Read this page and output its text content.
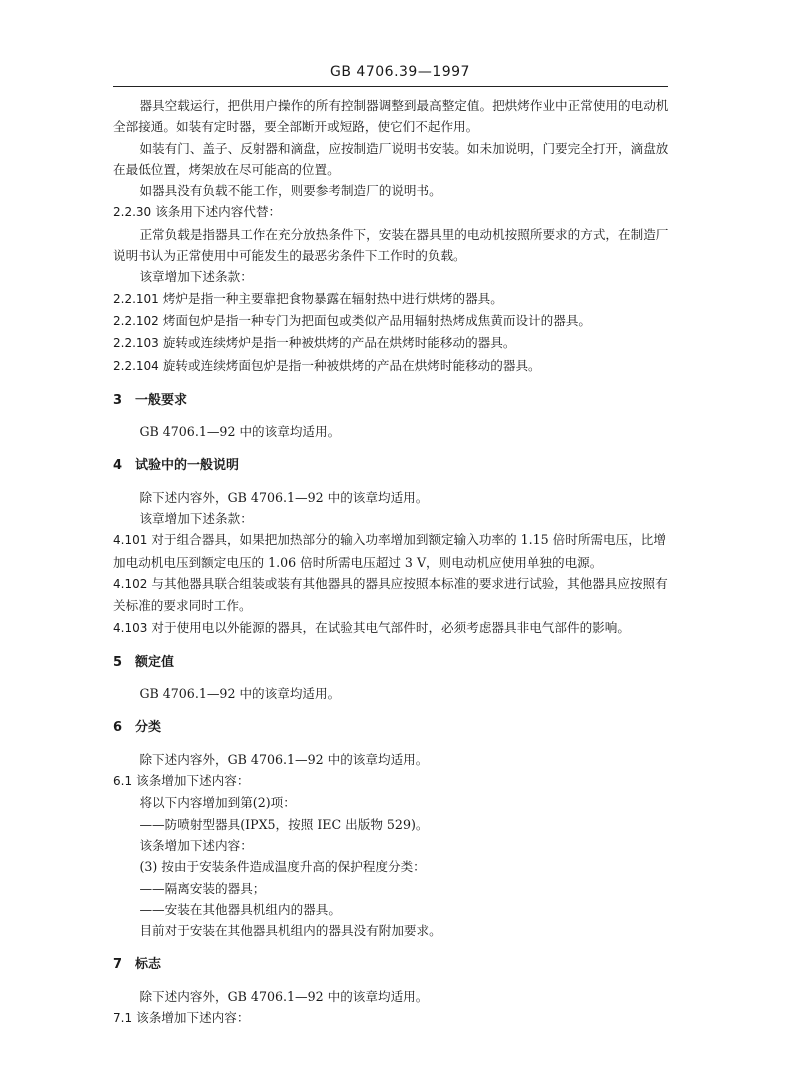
GB 4706.39—1997
器具空载运行，把供用户操作的所有控制器调整到最高整定值。把烘烤作业中正常使用的电动机全部接通。如装有定时器，要全部断开或短路，使它们不起作用。
如装有门、盖子、反射器和滴盘，应按制造厂说明书安装。如未加说明，门要完全打开，滴盘放在最低位置，烤架放在尽可能高的位置。
如器具没有负载不能工作，则要参考制造厂的说明书。
2.2.30 该条用下述内容代替：
正常负载是指器具工作在充分放热条件下，安装在器具里的电动机按照所要求的方式，在制造厂说明书认为正常使用中可能发生的最恶劣条件下工作时的负载。
该章增加下述条款：
2.2.101 烤炉是指一种主要靠把食物暴露在辐射热中进行烘烤的器具。
2.2.102 烤面包炉是指一种专门为把面包或类似产品用辐射热烤成焦黄而设计的器具。
2.2.103 旋转或连续烤炉是指一种被烘烤的产品在烘烤时能移动的器具。
2.2.104 旋转或连续烤面包炉是指一种被烘烤的产品在烘烤时能移动的器具。
3 一般要求
GB 4706.1—92 中的该章均适用。
4 试验中的一般说明
除下述内容外，GB 4706.1—92 中的该章均适用。
该章增加下述条款：
4.101 对于组合器具，如果把加热部分的输入功率增加到额定输入功率的 1.15 倍时所需电压，比增加电动机电压到额定电压的 1.06 倍时所需电压超过 3 V，则电动机应使用单独的电源。
4.102 与其他器具联合组装或装有其他器具的器具应按照本标准的要求进行试验，其他器具应按照有关标准的要求同时工作。
4.103 对于使用电以外能源的器具，在试验其电气部件时，必须考虑器具非电气部件的影响。
5 额定值
GB 4706.1—92 中的该章均适用。
6 分类
除下述内容外，GB 4706.1—92 中的该章均适用。
6.1 该条增加下述内容：
将以下内容增加到第(2)项：
——防喷射型器具(IPX5，按照 IEC 出版物 529)。
该条增加下述内容：
(3) 按由于安装条件造成温度升高的保护程度分类：
——隔离安装的器具；
——安装在其他器具机组内的器具。
目前对于安装在其他器具机组内的器具没有附加要求。
7 标志
除下述内容外，GB 4706.1—92 中的该章均适用。
7.1 该条增加下述内容：
